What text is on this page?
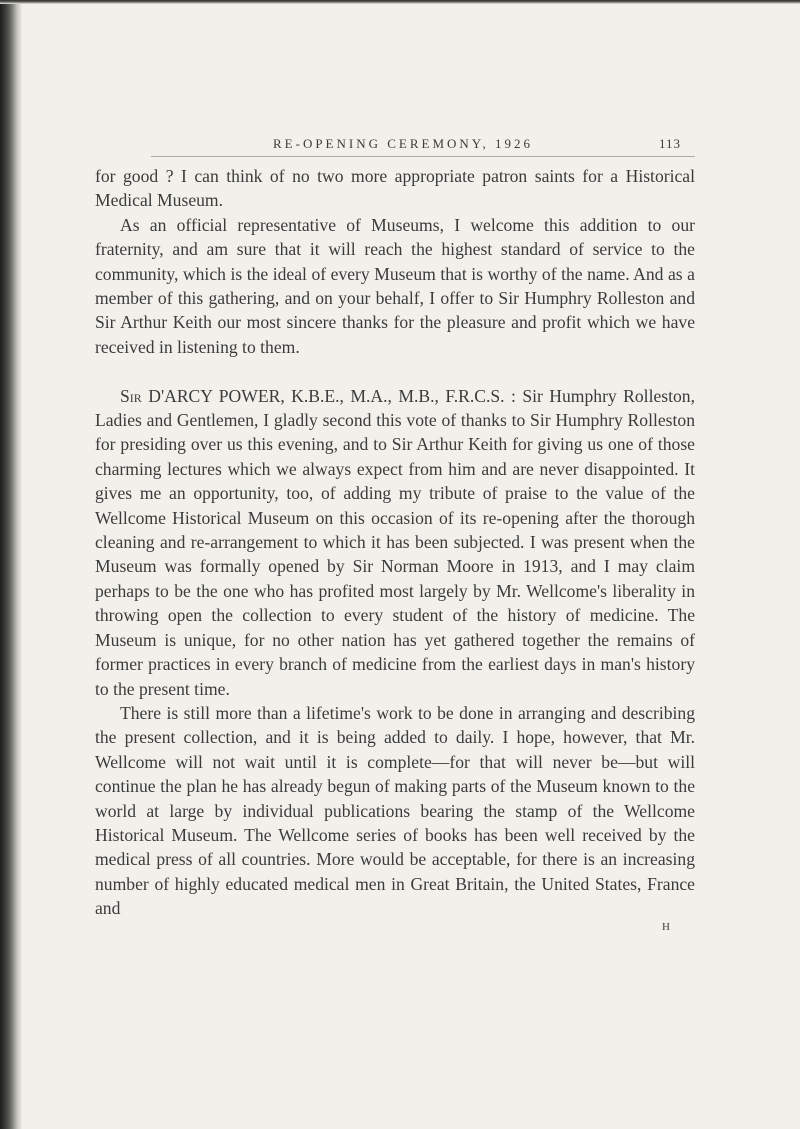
RE-OPENING CEREMONY, 1926	113

for good ? I can think of no two more appropriate patron saints for a Historical Medical Museum.

As an official representative of Museums, I welcome this addition to our fraternity, and am sure that it will reach the highest standard of service to the community, which is the ideal of every Museum that is worthy of the name. And as a member of this gathering, and on your behalf, I offer to Sir Humphry Rolleston and Sir Arthur Keith our most sincere thanks for the pleasure and profit which we have received in listening to them.

Sir D'ARCY POWER, K.B.E., M.A., M.B., F.R.C.S. : Sir Humphry Rolleston, Ladies and Gentlemen, I gladly second this vote of thanks to Sir Humphry Rolleston for presiding over us this evening, and to Sir Arthur Keith for giving us one of those charming lectures which we always expect from him and are never disappointed. It gives me an opportunity, too, of adding my tribute of praise to the value of the Wellcome Historical Museum on this occasion of its re-opening after the thorough cleaning and re-arrangement to which it has been subjected. I was present when the Museum was formally opened by Sir Norman Moore in 1913, and I may claim perhaps to be the one who has profited most largely by Mr. Wellcome's liberality in throwing open the collection to every student of the history of medicine. The Museum is unique, for no other nation has yet gathered together the remains of former practices in every branch of medicine from the earliest days in man's history to the present time.

There is still more than a lifetime's work to be done in arranging and describing the present collection, and it is being added to daily. I hope, however, that Mr. Wellcome will not wait until it is complete—for that will never be—but will continue the plan he has already begun of making parts of the Museum known to the world at large by individual publications bearing the stamp of the Wellcome Historical Museum. The Wellcome series of books has been well received by the medical press of all countries. More would be acceptable, for there is an increasing number of highly educated medical men in Great Britain, the United States, France and

H
